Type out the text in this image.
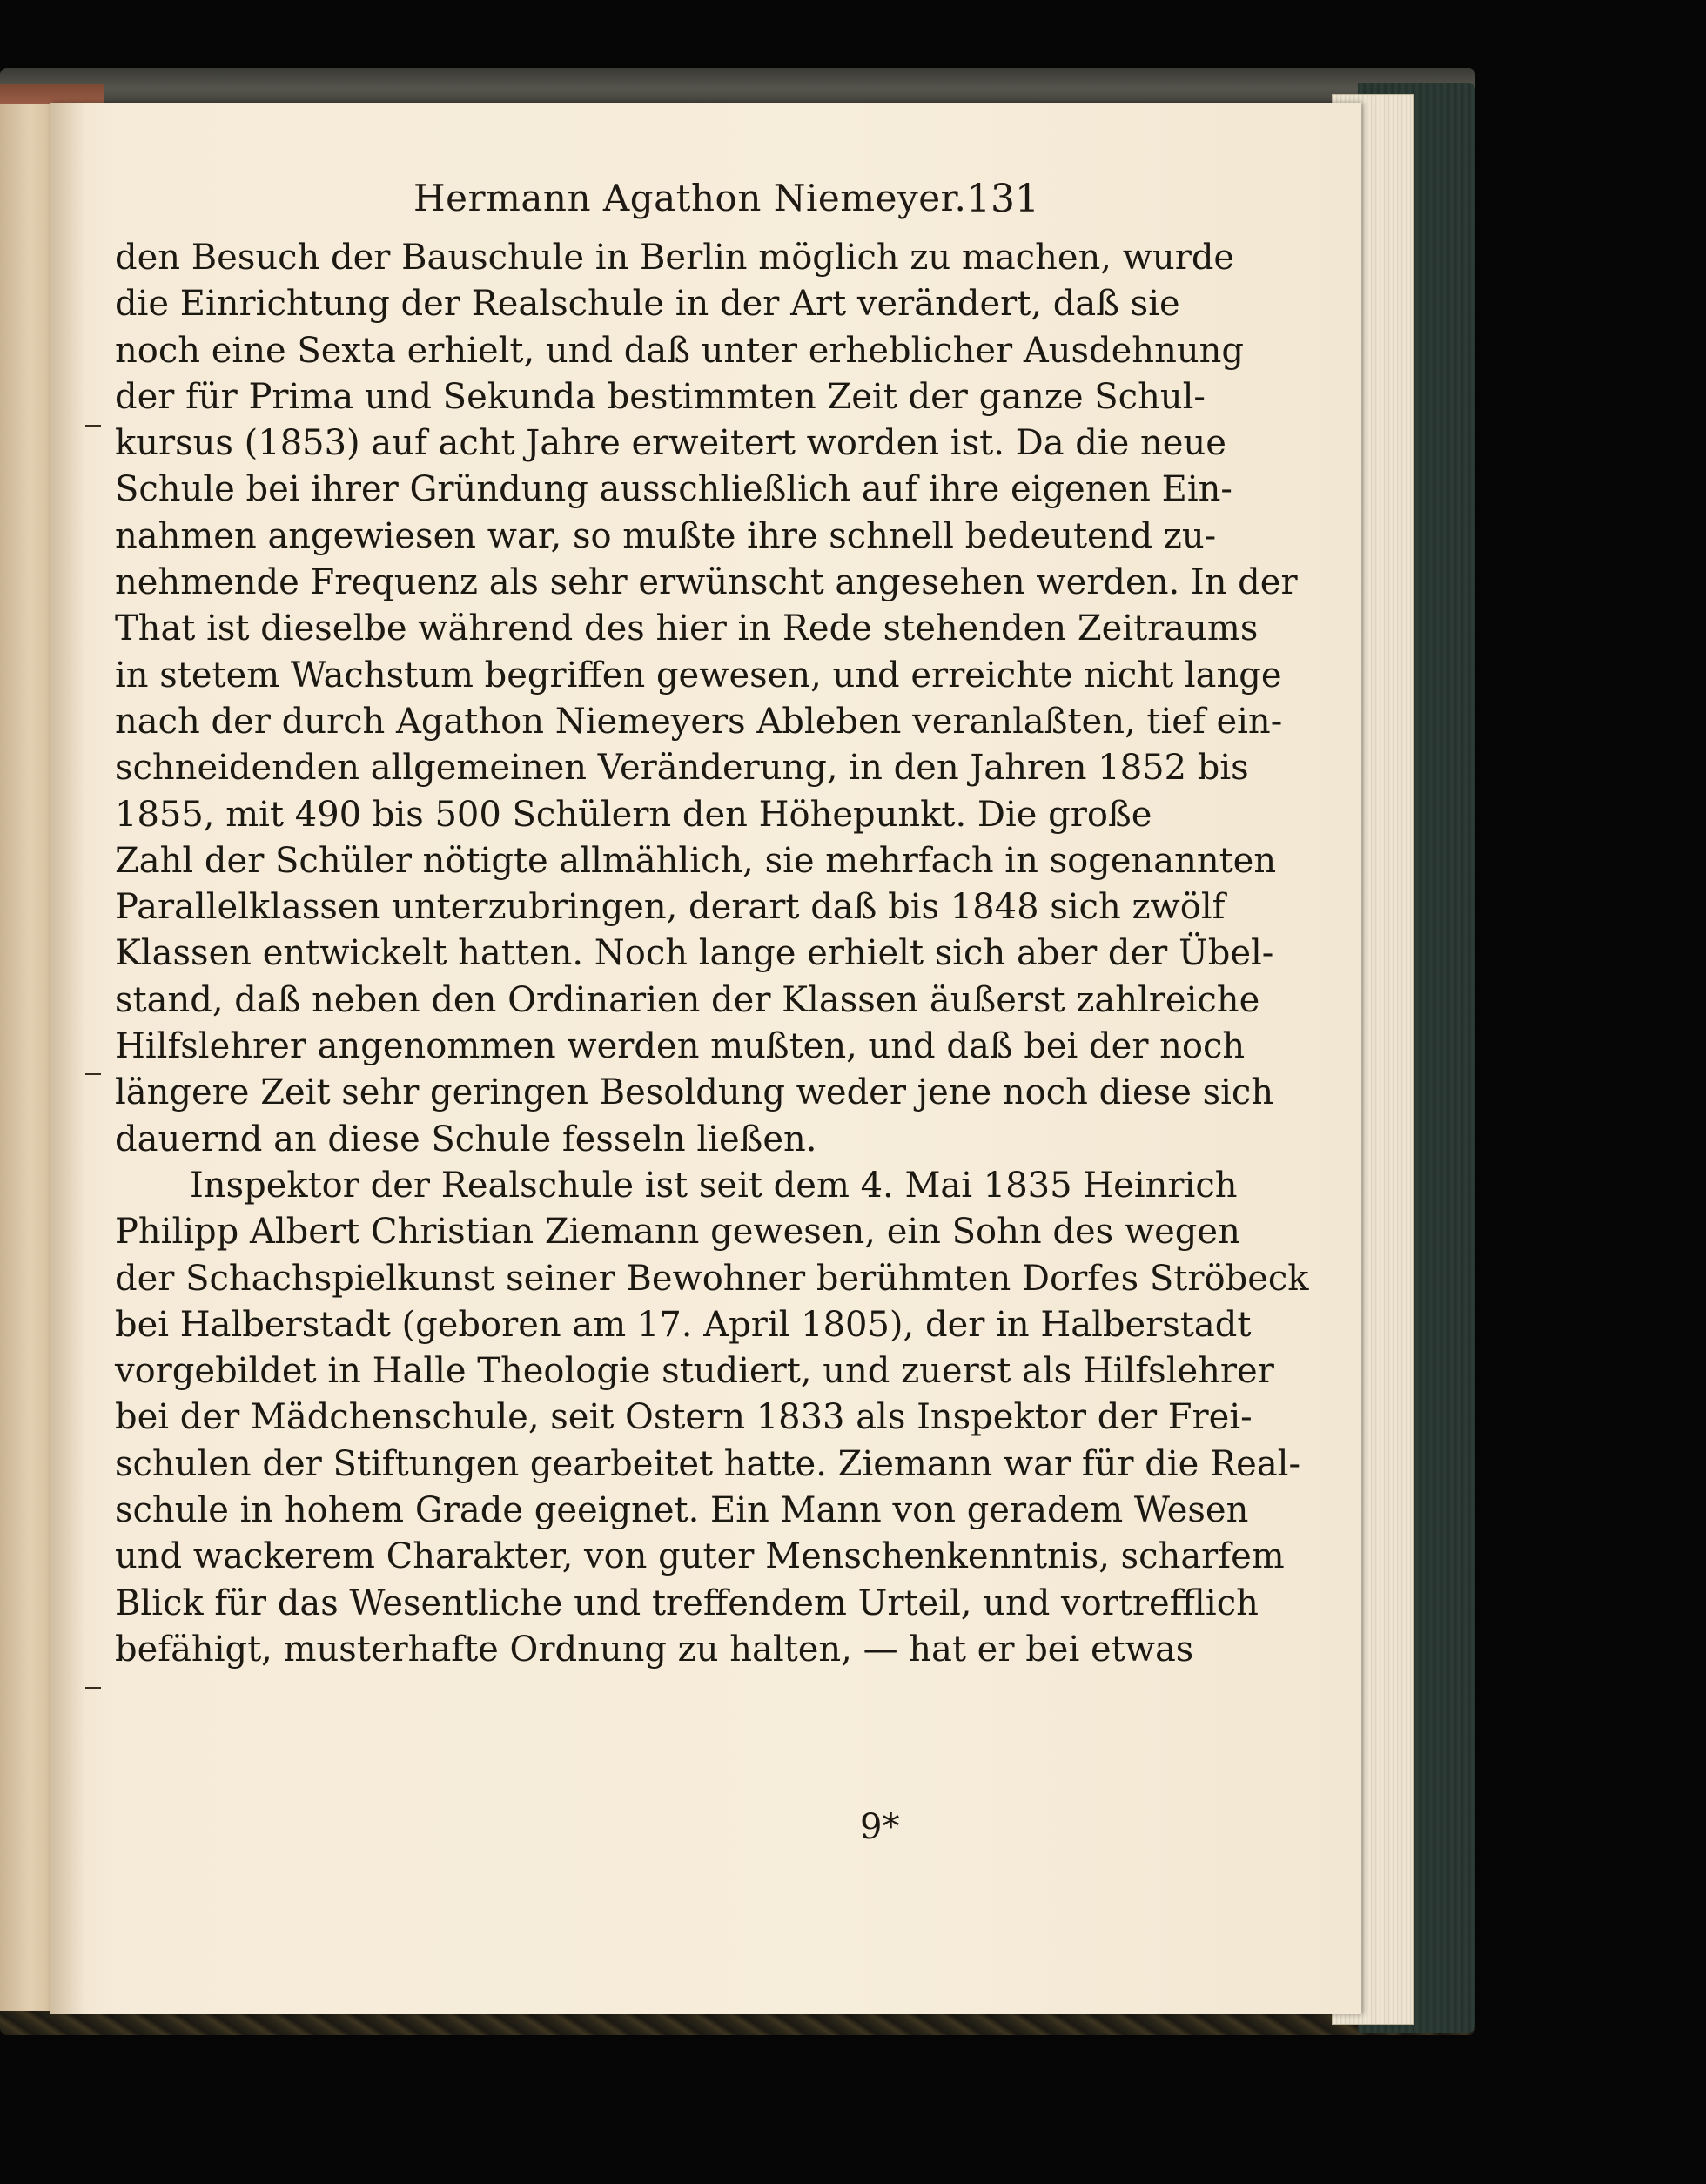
Hermann Agathon Niemeyer. 131
den Besuch der Bauschule in Berlin möglich zu machen, wurde
die Einrichtung der Realschule in der Art verändert, daß sie
noch eine Sexta erhielt, und daß unter erheblicher Ausdehnung
der für Prima und Sekunda bestimmten Zeit der ganze Schul-
kursus (1853) auf acht Jahre erweitert worden ist. Da die neue
Schule bei ihrer Gründung ausschließlich auf ihre eigenen Ein-
nahmen angewiesen war, so mußte ihre schnell bedeutend zu-
nehmende Frequenz als sehr erwünscht angesehen werden. In der
That ist dieselbe während des hier in Rede stehenden Zeitraums
in stetem Wachstum begriffen gewesen, und erreichte nicht lange
nach der durch Agathon Niemeyers Ableben veranlaßten, tief ein-
schneidenden allgemeinen Veränderung, in den Jahren 1852 bis
1855, mit 490 bis 500 Schülern den Höhepunkt. Die große
Zahl der Schüler nötigte allmählich, sie mehrfach in sogenannten
Parallelklassen unterzubringen, derart daß bis 1848 sich zwölf
Klassen entwickelt hatten. Noch lange erhielt sich aber der Übel-
stand, daß neben den Ordinarien der Klassen äußerst zahlreiche
Hilfslehrer angenommen werden mußten, und daß bei der noch
längere Zeit sehr geringen Besoldung weder jene noch diese sich
dauernd an diese Schule fesseln ließen.
Inspektor der Realschule ist seit dem 4. Mai 1835 Heinrich
Philipp Albert Christian Ziemann gewesen, ein Sohn des wegen
der Schachspielkunst seiner Bewohner berühmten Dorfes Ströbeck
bei Halberstadt (geboren am 17. April 1805), der in Halberstadt
vorgebildet in Halle Theologie studiert, und zuerst als Hilfslehrer
bei der Mädchenschule, seit Ostern 1833 als Inspektor der Frei-
schulen der Stiftungen gearbeitet hatte. Ziemann war für die Real-
schule in hohem Grade geeignet. Ein Mann von geradem Wesen
und wackerem Charakter, von guter Menschenkenntnis, scharfem
Blick für das Wesentliche und treffendem Urteil, und vortrefflich
befähigt, musterhafte Ordnung zu halten, — hat er bei etwas
9*
